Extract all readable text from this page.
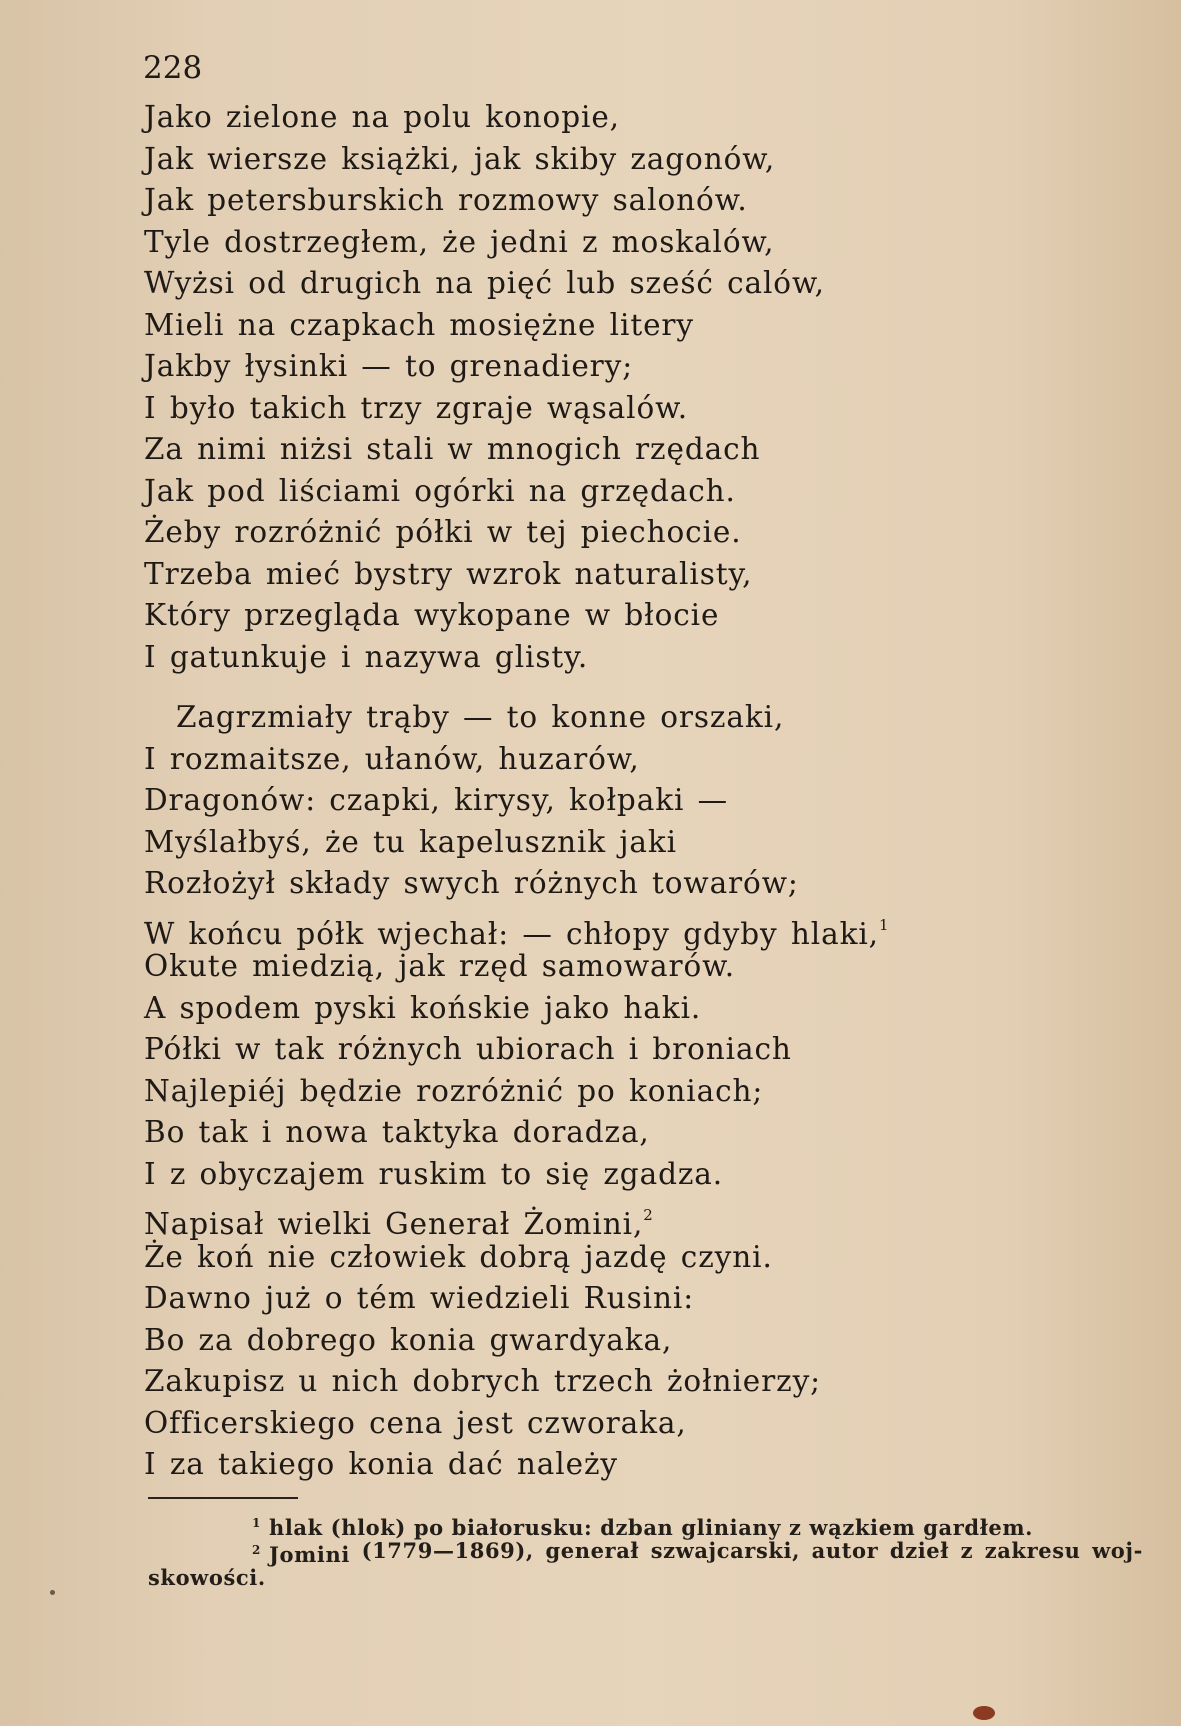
228
Jako zielone na polu konopie,
Jak wiersze książki, jak skiby zagonów,
Jak petersburskich rozmowy salonów.
Tyle dostrzegłem, że jedni z moskalów,
Wyżsi od drugich na pięć lub sześć calów,
Mieli na czapkach mosiężne litery
Jakby łysinki — to grenadiery;
I było takich trzy zgraje wąsalów.
Za nimi niżsi stali w mnogich rzędach
Jak pod liściami ogórki na grzędach.
Żeby rozróżnić półki w tej piechocie.
Trzeba mieć bystry wzrok naturalisty,
Który przegląda wykopane w błocie
I gatunkuje i nazywa glisty.
Zagrzmiały trąby — to konne orszaki,
I rozmaitsze, ułanów, huzarów,
Dragonów: czapki, kirysy, kołpaki —
Myślałbyś, że tu kapelusznik jaki
Rozłożył składy swych różnych towarów;
W końcu półk wjechał: — chłopy gdyby hlaki,$^1$
Okute miedzią, jak rzęd samowarów.
A spodem pyski końskie jako haki.
Półki w tak różnych ubiorach i broniach
Najlepiéj będzie rozróżnić po koniach;
Bo tak i nowa taktyka doradza,
I z obyczajem ruskim to się zgadza.
Napisał wielki Generał Żomini,$^2$
Że koń nie człowiek dobrą jazdę czyni.
Dawno już o tém wiedzieli Rusini:
Bo za dobrego konia gwardyaka,
Zakupisz u nich dobrych trzech żołnierzy;
Officerskiego cena jest czworaka,
I za takiego konia dać należy
$^1$ hlak (hlok) po białorusku: dzban gliniany z wązkiem gardłem.
2 Jomini (1779—1869), generał szwajcarski, autor dzieł z zakresu woj-
skowości.
